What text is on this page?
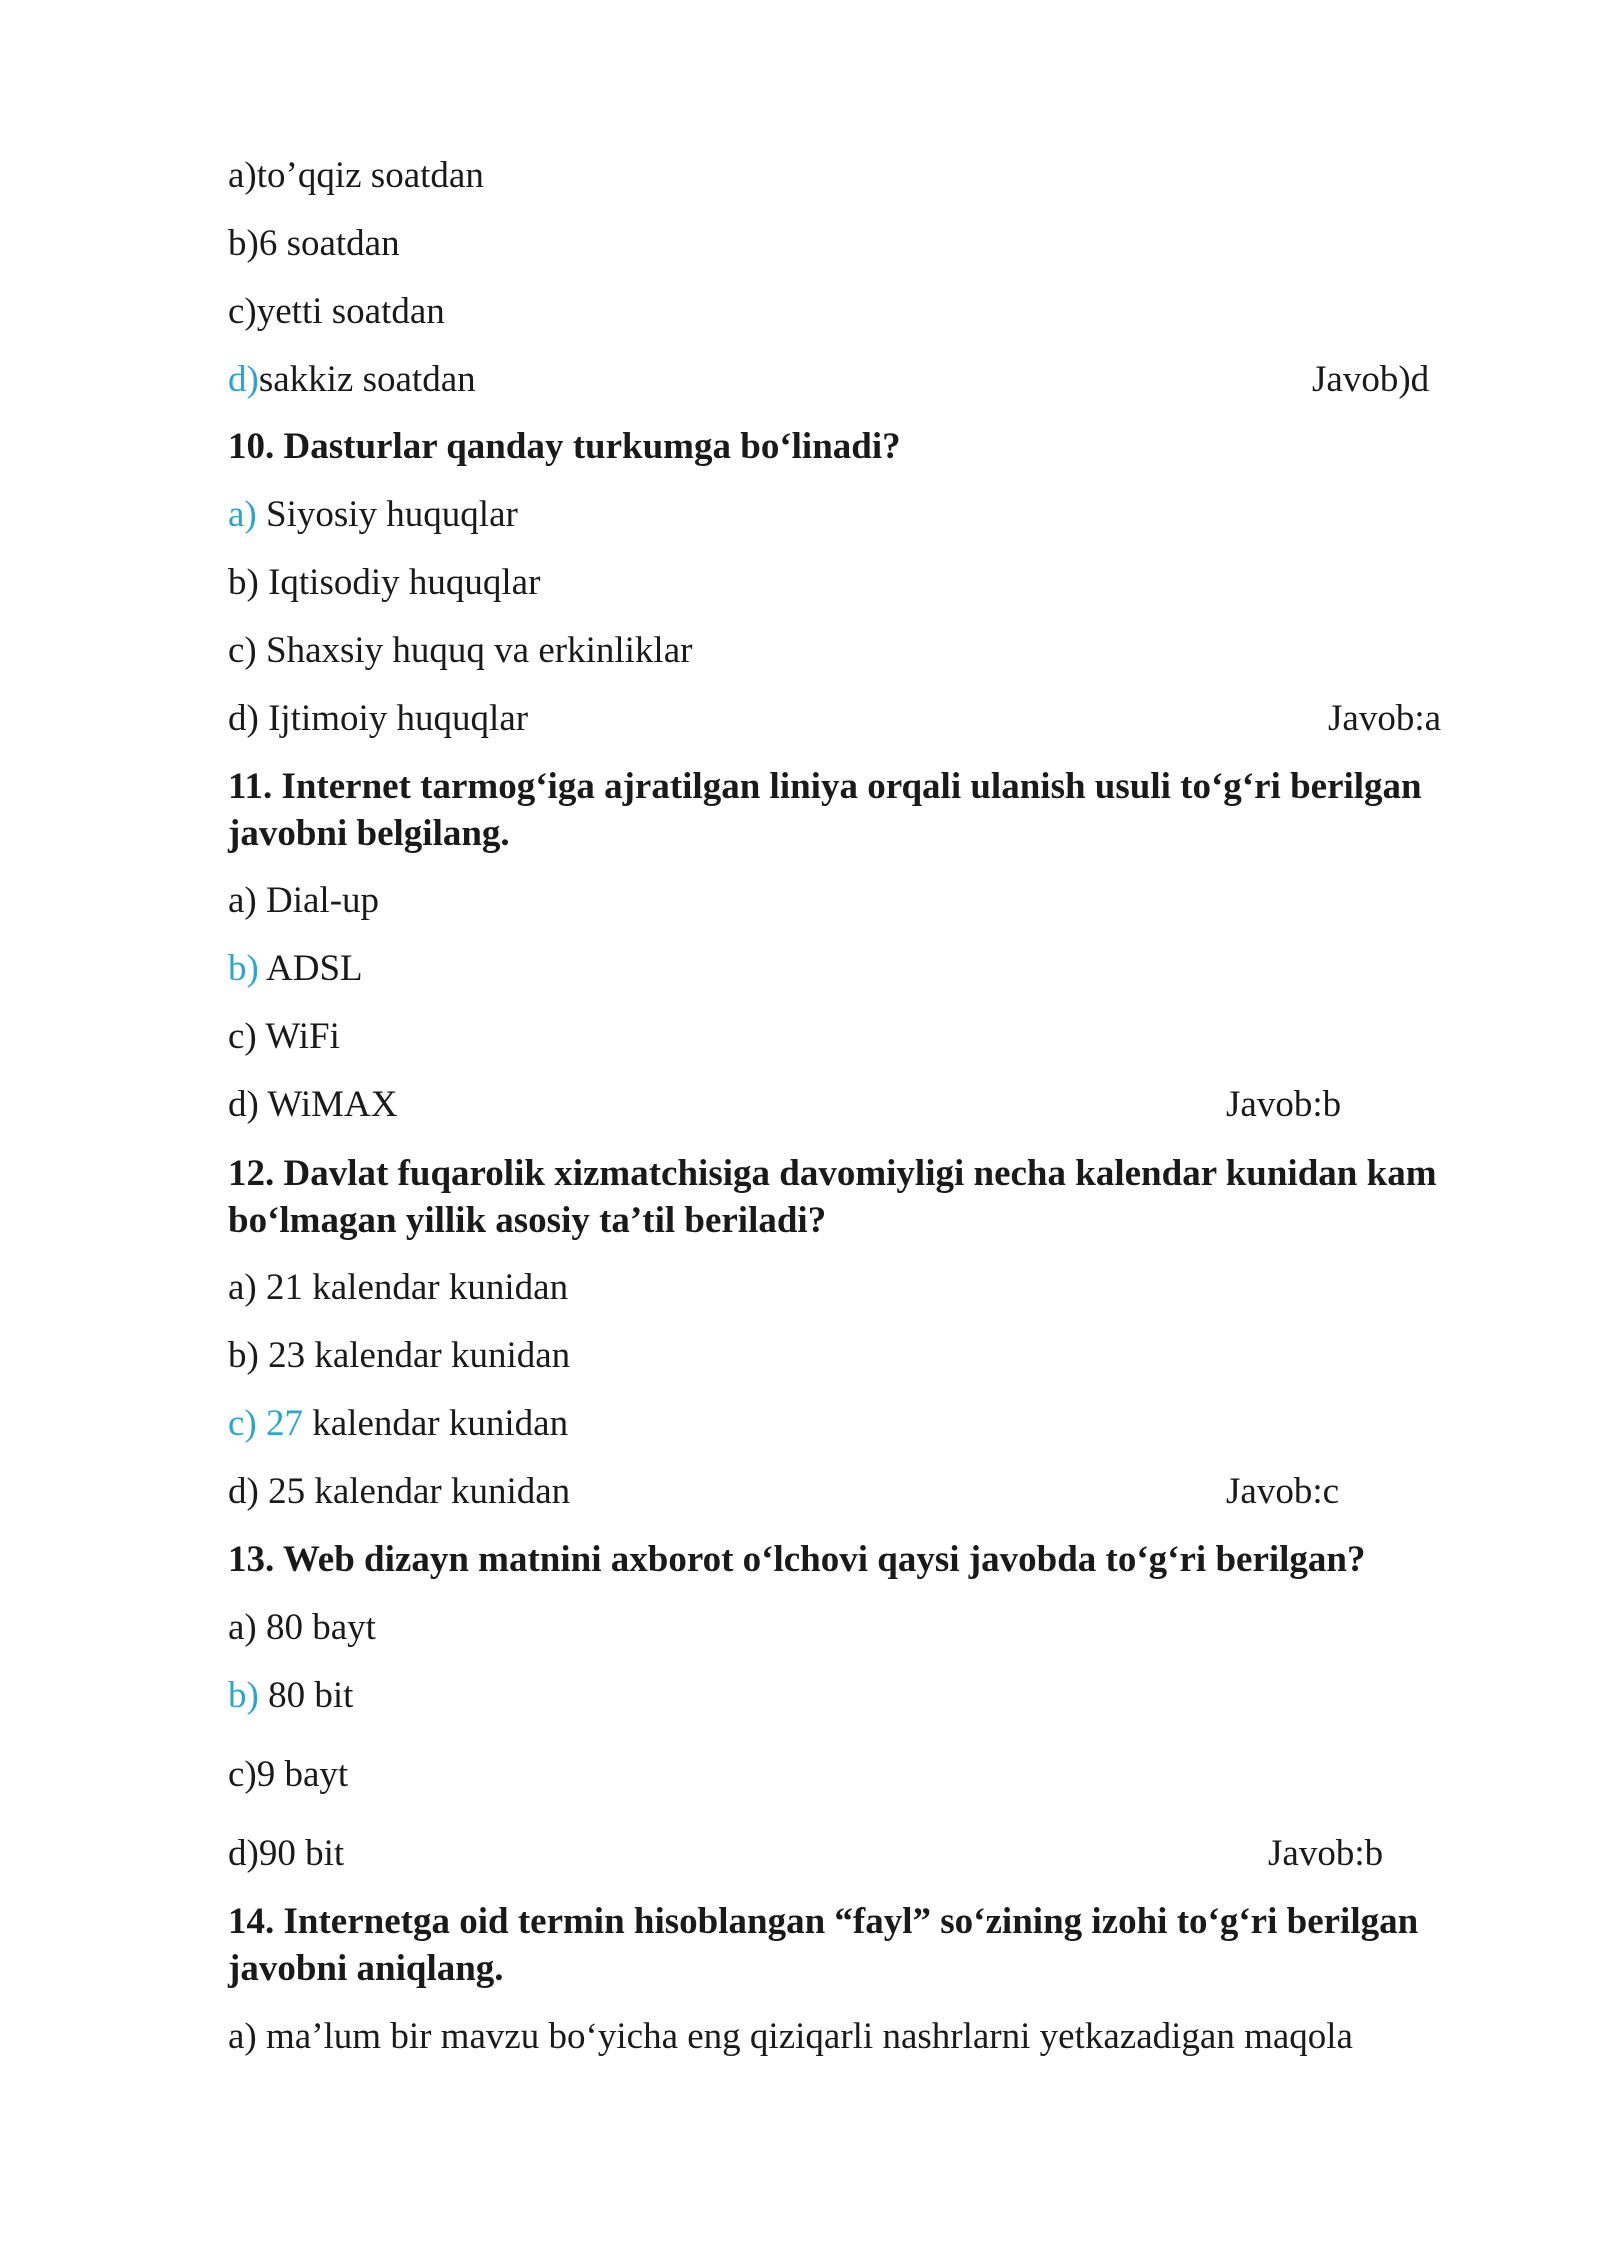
a)to’qqiz soatdan
b)6 soatdan
c)yetti soatdan
d)sakkiz soatdan	Javob)d
10. Dasturlar qanday turkumga bo‘linadi?
a) Siyosiy huquqlar
b) Iqtisodiy huquqlar
c) Shaxsiy huquq va erkinliklar
d) Ijtimoiy huquqlar	Javob:a
11. Internet tarmog‘iga ajratilgan liniya orqali ulanish usuli to‘g‘ri berilgan
javobni belgilang.
a) Dial-up
b) ADSL
c) WiFi
d) WiMAX	Javob:b
12. Davlat fuqarolik xizmatchisiga davomiyligi necha kalendar kunidan kam
bo‘lmagan yillik asosiy ta’til beriladi?
a) 21 kalendar kunidan
b) 23 kalendar kunidan
c) 27 kalendar kunidan
d) 25 kalendar kunidan	Javob:c
13. Web dizayn matnini axborot o‘lchovi qaysi javobda to‘g‘ri berilgan?
a) 80 bayt
b) 80 bit
c)9 bayt
d)90 bit	Javob:b
14. Internetga oid termin hisoblangan “fayl” so‘zining izohi to‘g‘ri berilgan
javobni aniqlang.
a) ma’lum bir mavzu bo‘yicha eng qiziqarli nashrlarni yetkazadigan maqola
